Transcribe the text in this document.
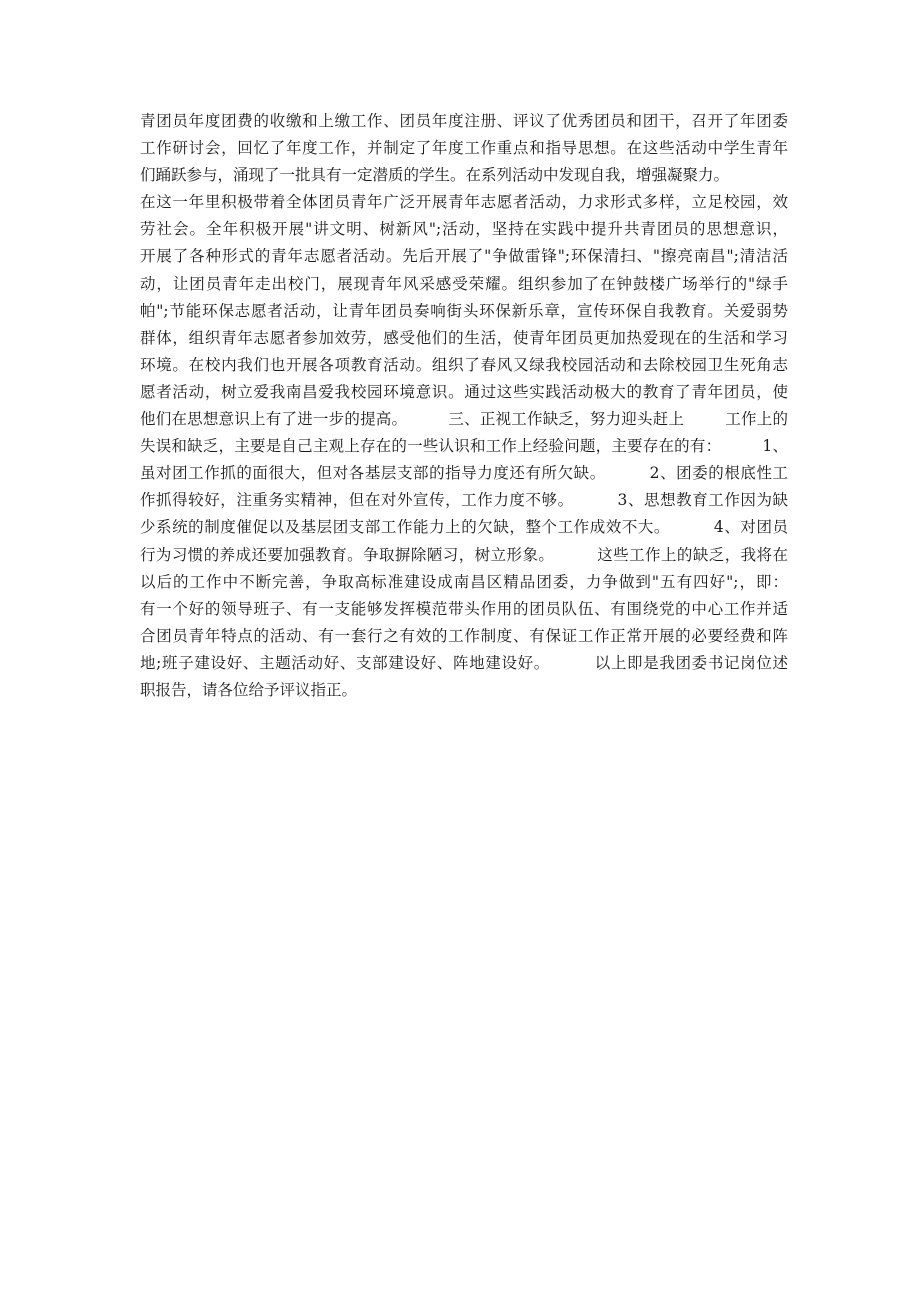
青团员年度团费的收缴和上缴工作、团员年度注册、评议了优秀团员和团干，召开了年团委
工作研讨会，回忆了年度工作，并制定了年度工作重点和指导思想。在这些活动中学生青年
们踊跃参与，涌现了一批具有一定潜质的学生。在系列活动中发现自我，增强凝聚力。
在这一年里积极带着全体团员青年广泛开展青年志愿者活动，力求形式多样，立足校园，效
劳社会。全年积极开展"讲文明、树新风";活动，坚持在实践中提升共青团员的思想意识，
开展了各种形式的青年志愿者活动。先后开展了"争做雷锋";环保清扫、"擦亮南昌";清洁活
动，让团员青年走出校门，展现青年风采感受荣耀。组织参加了在钟鼓楼广场举行的"绿手
帕";节能环保志愿者活动，让青年团员奏响街头环保新乐章，宣传环保自我教育。关爱弱势
群体，组织青年志愿者参加效劳，感受他们的生活，使青年团员更加热爱现在的生活和学习
环境。在校内我们也开展各项教育活动。组织了春风又绿我校园活动和去除校园卫生死角志
愿者活动，树立爱我南昌爱我校园环境意识。通过这些实践活动极大的教育了青年团员，使
他们在思想意识上有了进一步的提高。        三、正视工作缺乏，努力迎头赶上        工作上的
失误和缺乏，主要是自己主观上存在的一些认识和工作上经验问题，主要存在的有：        1、
虽对团工作抓的面很大，但对各基层支部的指导力度还有所欠缺。        2、团委的根底性工
作抓得较好，注重务实精神，但在对外宣传，工作力度不够。        3、思想教育工作因为缺
少系统的制度催促以及基层团支部工作能力上的欠缺，整个工作成效不大。        4、对团员
行为习惯的养成还要加强教育。争取摒除陋习，树立形象。        这些工作上的缺乏，我将在
以后的工作中不断完善，争取高标准建设成南昌区精品团委，力争做到"五有四好";，即：
有一个好的领导班子、有一支能够发挥模范带头作用的团员队伍、有围绕党的中心工作并适
合团员青年特点的活动、有一套行之有效的工作制度、有保证工作正常开展的必要经费和阵
地;班子建设好、主题活动好、支部建设好、阵地建设好。        以上即是我团委书记岗位述
职报告，请各位给予评议指正。
